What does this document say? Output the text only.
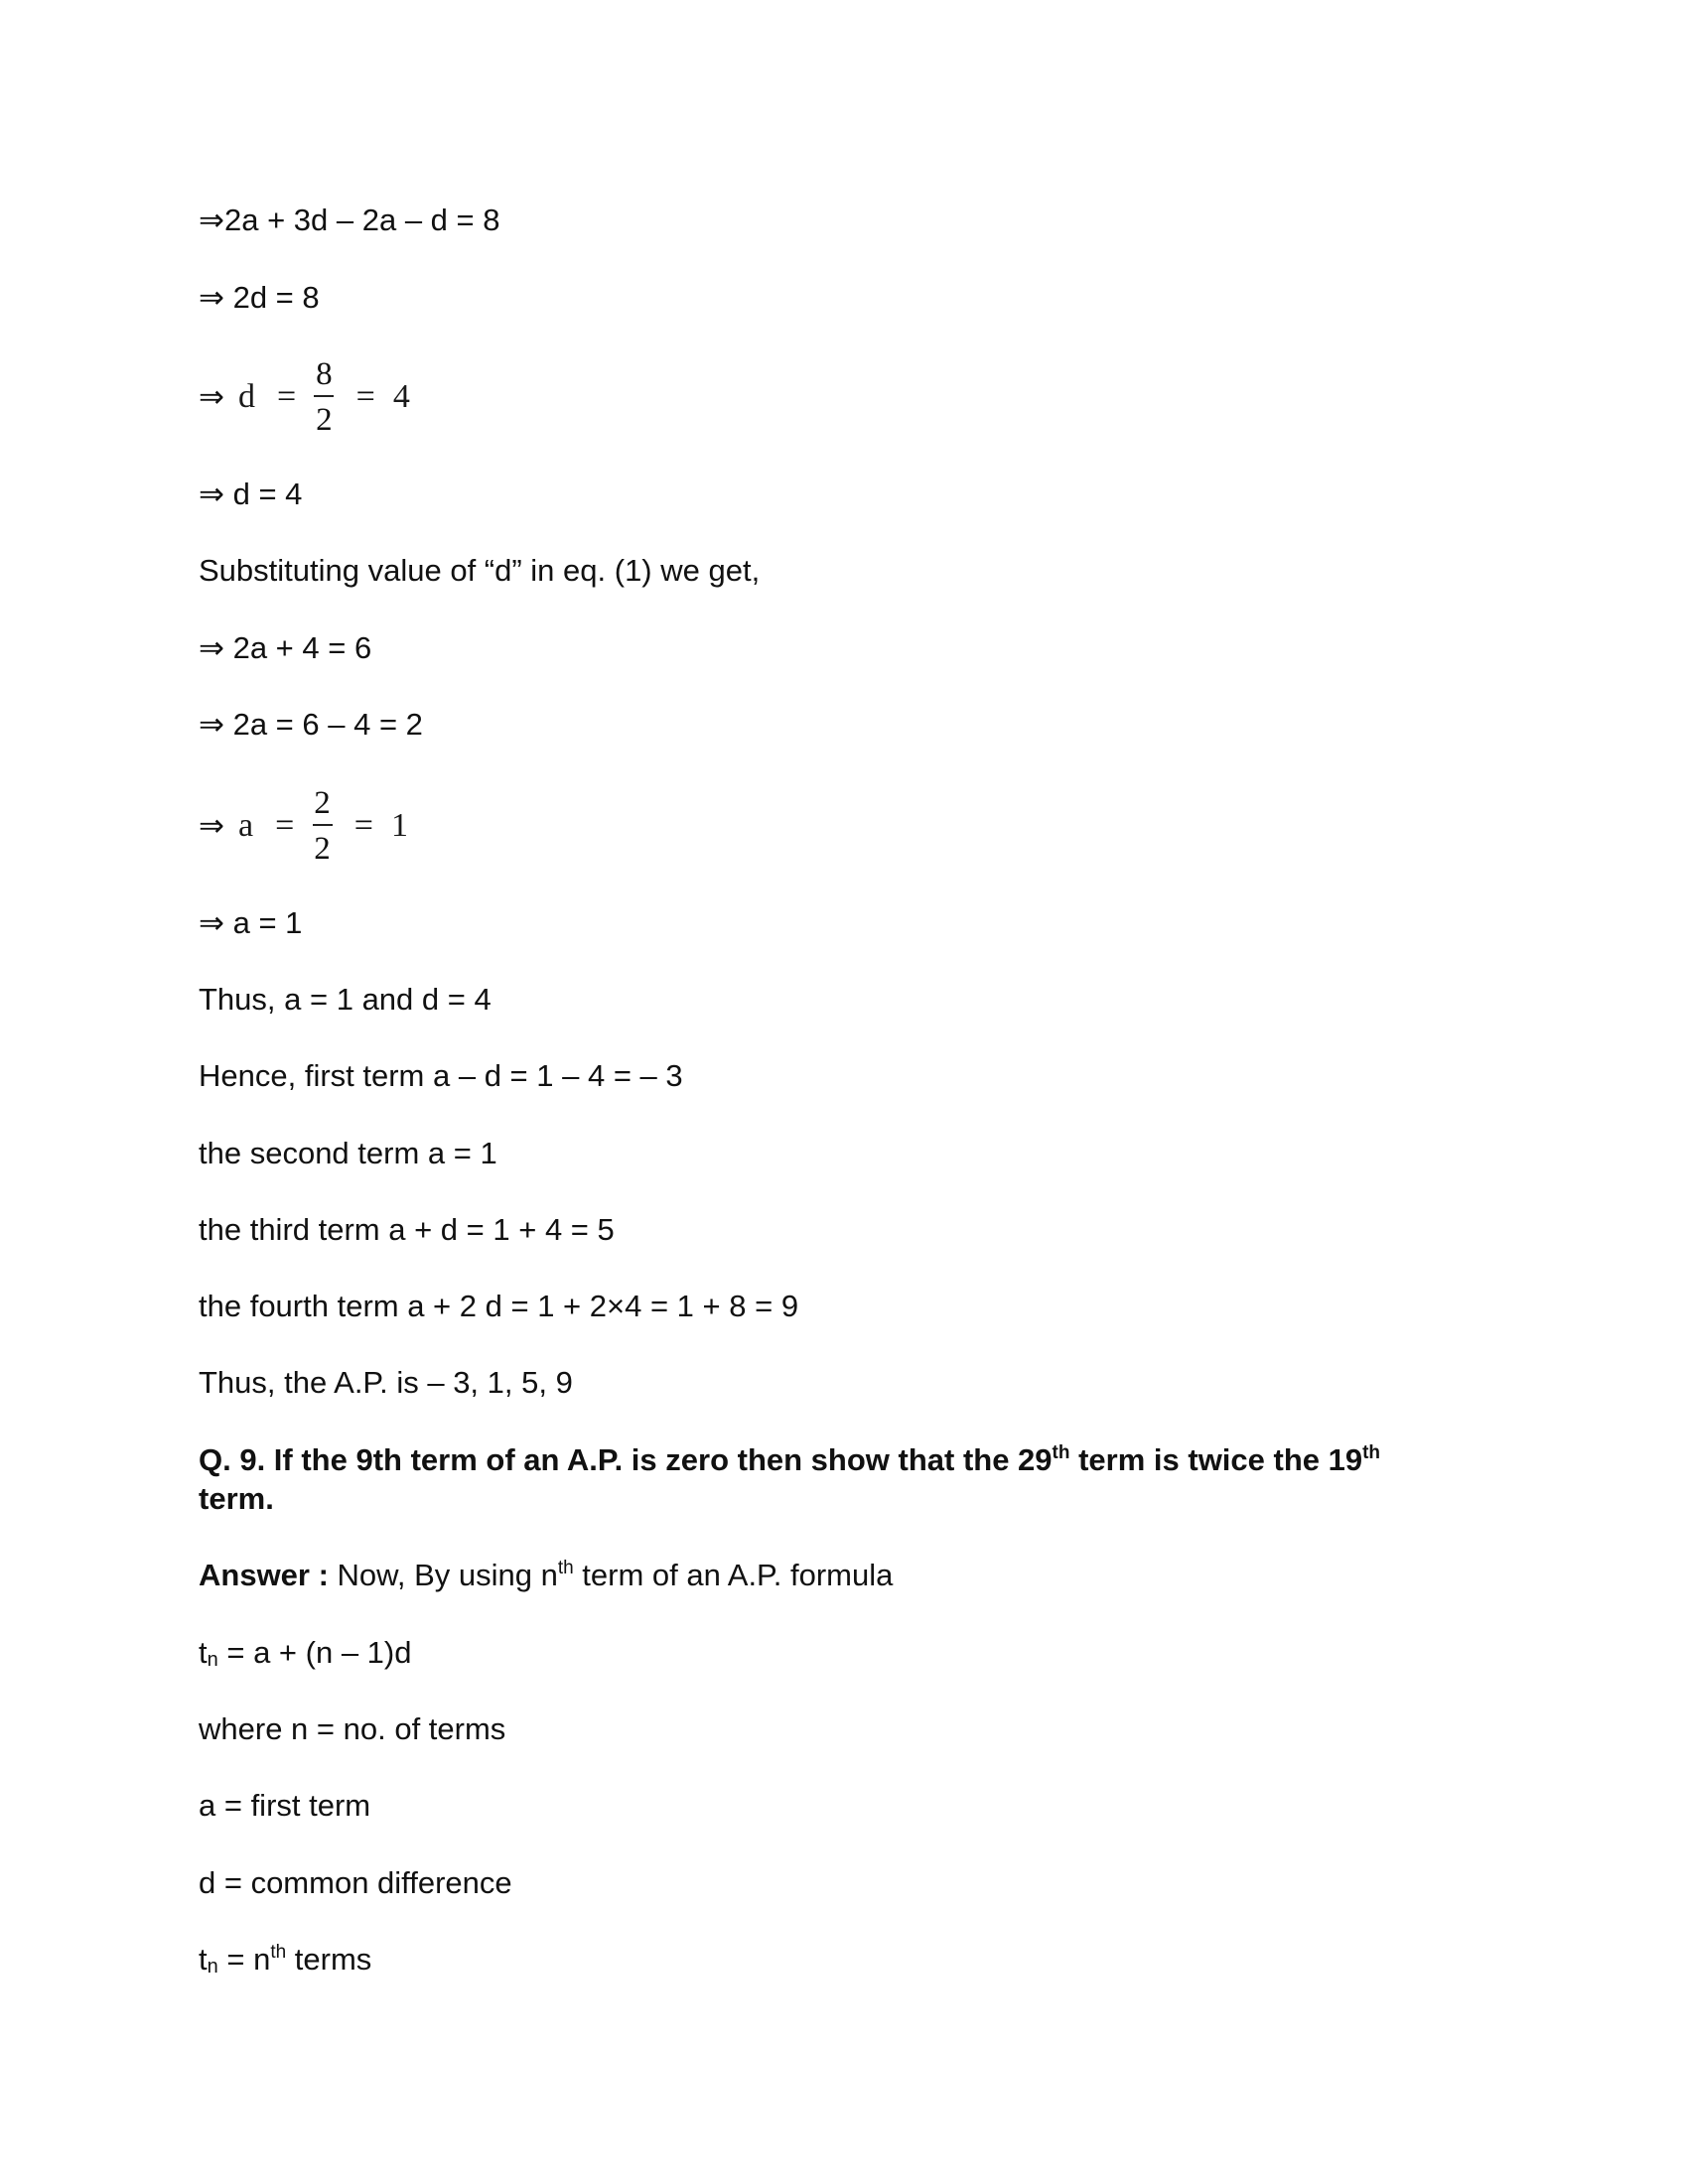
⇒2a + 3d – 2a – d = 8
⇒ 2d = 8
⇒ $d = \frac{8}{2} = 4$
⇒ d = 4
Substituting value of “d” in eq. (1) we get,
⇒ 2a + 4 = 6
⇒ 2a = 6 – 4 = 2
⇒ $a = \frac{2}{2} = 1$
⇒ a = 1
Thus, a = 1 and d = 4
Hence, first term a – d = 1 – 4 = – 3
the second term a = 1
the third term a + d = 1 + 4 = 5
the fourth term a + 2 d = 1 + 2×4 = 1 + 8 = 9
Thus, the A.P. is – 3, 1, 5, 9
Q. 9. If the 9th term of an A.P. is zero then show that the 29th term is twice the 19th term.
Answer : Now, By using $n^{th}$ term of an A.P. formula
$t_n = a + (n - 1)d$
where n = no. of terms
a = first term
d = common difference
$t_n = n^{th}$ terms
